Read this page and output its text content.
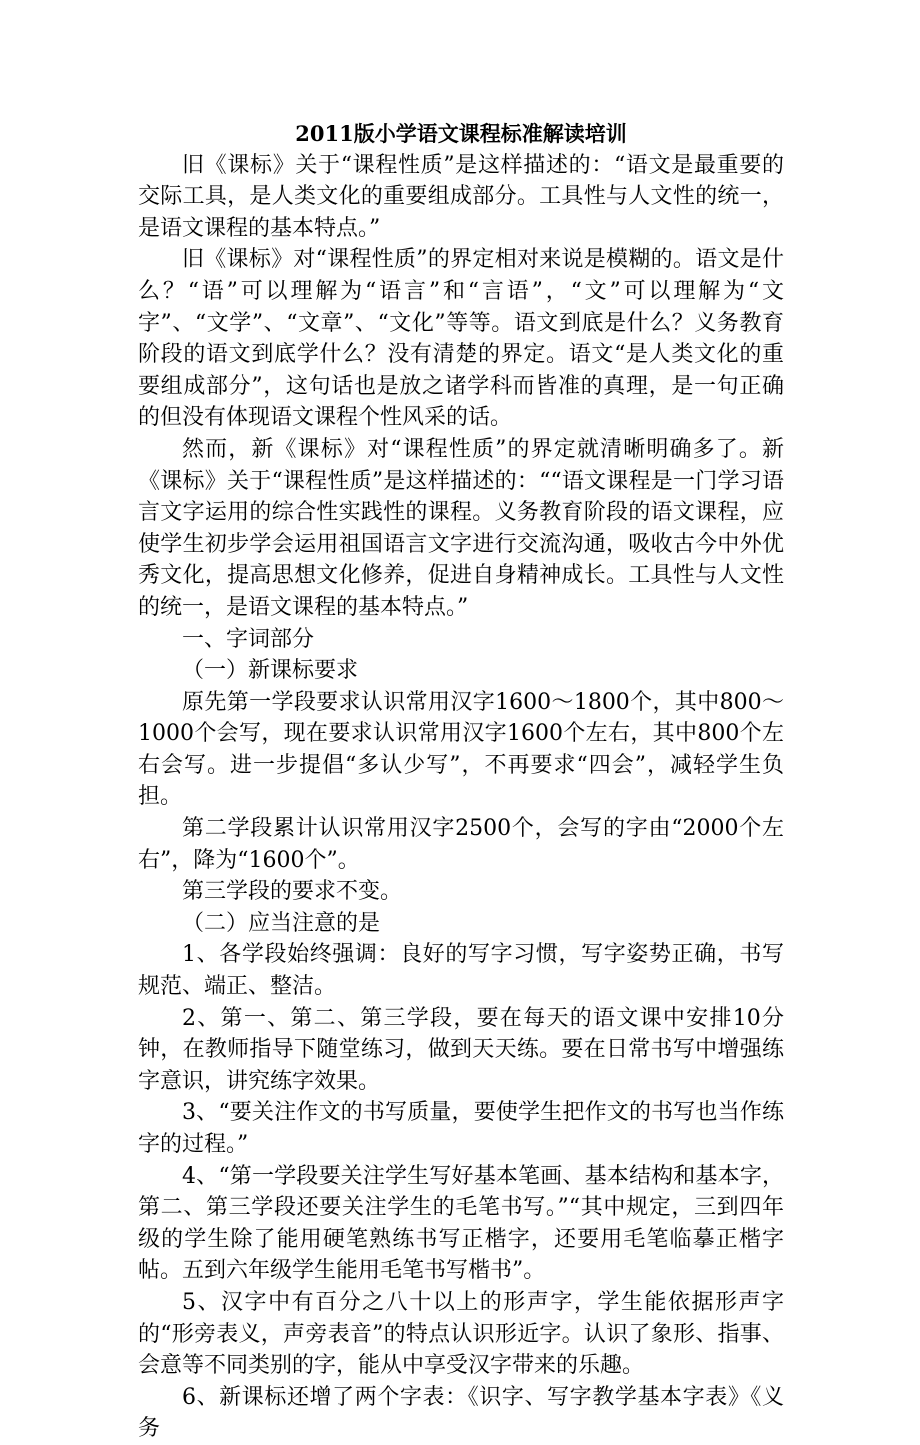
2011版小学语文课程标准解读培训

旧《课标》关于“课程性质”是这样描述的：“语文是最重要的交际工具，是人类文化的重要组成部分。工具性与人文性的统一，是语文课程的基本特点。”

旧《课标》对“课程性质”的界定相对来说是模糊的。语文是什么？“语”可以理解为“语言”和“言语”，“文”可以理解为“文字”、“文学”、“文章”、“文化”等等。语文到底是什么？义务教育阶段的语文到底学什么？没有清楚的界定。语文“是人类文化的重要组成部分”，这句话也是放之诸学科而皆准的真理，是一句正确的但没有体现语文课程个性风采的话。

然而，新《课标》对“课程性质”的界定就清晰明确多了。新《课标》关于“课程性质”是这样描述的：““语文课程是一门学习语言文字运用的综合性实践性的课程。义务教育阶段的语文课程，应使学生初步学会运用祖国语言文字进行交流沟通，吸收古今中外优秀文化，提高思想文化修养，促进自身精神成长。工具性与人文性的统一，是语文课程的基本特点。”

一、字词部分

（一）新课标要求

原先第一学段要求认识常用汉字1600～1800个，其中800～1000个会写，现在要求认识常用汉字1600个左右，其中800个左右会写。进一步提倡“多认少写”，不再要求“四会”，减轻学生负担。

第二学段累计认识常用汉字2500个，会写的字由“2000个左右”，降为“1600个”。

第三学段的要求不变。

（二）应当注意的是

1、各学段始终强调：良好的写字习惯，写字姿势正确，书写规范、端正、整洁。

2、第一、第二、第三学段，要在每天的语文课中安排10分钟，在教师指导下随堂练习，做到天天练。要在日常书写中增强练字意识，讲究练字效果。

3、“要关注作文的书写质量，要使学生把作文的书写也当作练字的过程。”

4、“第一学段要关注学生写好基本笔画、基本结构和基本字，第二、第三学段还要关注学生的毛笔书写。”“其中规定，三到四年级的学生除了能用硬笔熟练书写正楷字，还要用毛笔临摹正楷字帖。五到六年级学生能用毛笔书写楷书”。

5、汉字中有百分之八十以上的形声字，学生能依据形声字的“形旁表义，声旁表音”的特点认识形近字。认识了象形、指事、会意等不同类别的字，能从中享受汉字带来的乐趣。

6、新课标还增了两个字表：《识字、写字教学基本字表》《义务
